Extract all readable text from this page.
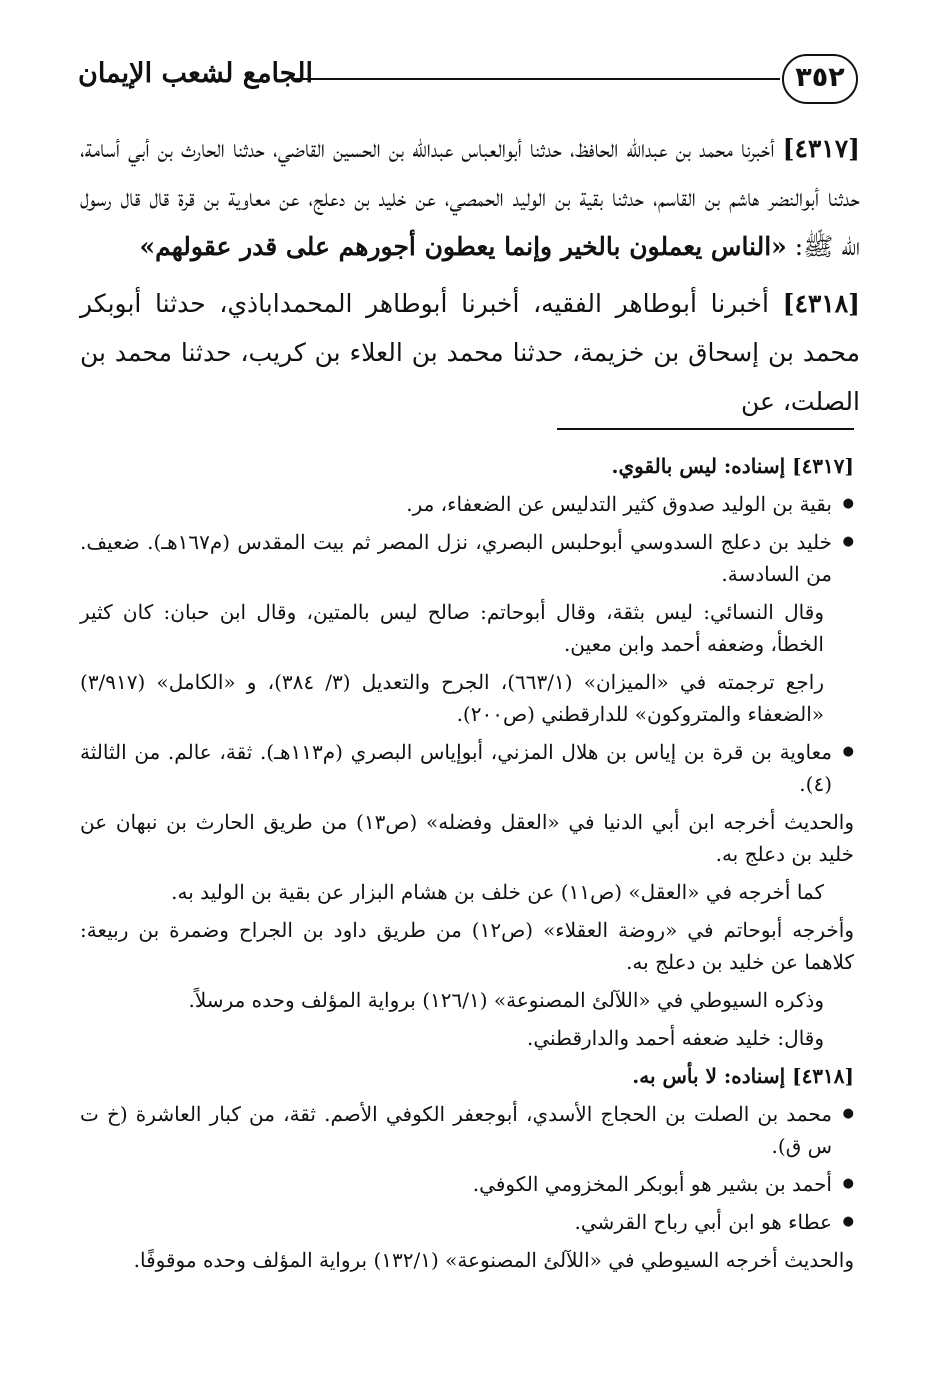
٣٥٢
الجامع لشعب الإيمان

[٤٣١٧] أخبرنا محمد بن عبدالله الحافظ، حدثنا أبوالعباس عبدالله بن الحسين القاضي، حدثنا الحارث بن أبي أسامة، حدثنا أبوالنضر هاشم بن القاسم، حدثنا بقية بن الوليد الحمصي، عن خليد بن دعلج، عن معاوية بن قرة قال قال رسول الله ﷺ: «الناس يعملون بالخير وإنما يعطون أجورهم على قدر عقولهم»

[٤٣١٨] أخبرنا أبوطاهر الفقيه، أخبرنا أبوطاهر المحمداباذي، حدثنا أبوبكر محمد بن إسحاق بن خزيمة، حدثنا محمد بن العلاء بن كريب، حدثنا محمد بن الصلت، عن

[٤٣١٧] إسناده: ليس بالقوي.
● بقية بن الوليد صدوق كثير التدليس عن الضعفاء، مر.
● خليد بن دعلج السدوسي أبوحلبس البصري، نزل المصر ثم بيت المقدس (م١٦٧هـ). ضعيف. من السادسة.
وقال النسائي: ليس بثقة، وقال أبوحاتم: صالح ليس بالمتين، وقال ابن حبان: كان كثير الخطأ، وضعفه أحمد وابن معين.
راجع ترجمته في «الميزان» (٦٦٣/١)، الجرح والتعديل (٣/ ٣٨٤)، و «الكامل» (٣/٩١٧) «الضعفاء والمتروكون» للدارقطني (ص٢٠٠).
● معاوية بن قرة بن إياس بن هلال المزني، أبوإياس البصري (م١١٣هـ). ثقة، عالم. من الثالثة (٤).
والحديث أخرجه ابن أبي الدنيا في «العقل وفضله» (ص١٣) من طريق الحارث بن نبهان عن خليد بن دعلج به.
كما أخرجه في «العقل» (ص١١) عن خلف بن هشام البزار عن بقية بن الوليد به.
وأخرجه أبوحاتم في «روضة العقلاء» (ص١٢) من طريق داود بن الجراح وضمرة بن ربيعة: كلاهما عن خليد بن دعلج به.
وذكره السيوطي في «اللآلئ المصنوعة» (١٢٦/١) برواية المؤلف وحده مرسلاً.
وقال: خليد ضعفه أحمد والدارقطني.
[٤٣١٨] إسناده: لا بأس به.
● محمد بن الصلت بن الحجاج الأسدي، أبوجعفر الكوفي الأصم. ثقة، من كبار العاشرة (خ ت س ق).
● أحمد بن بشير هو أبوبكر المخزومي الكوفي.
● عطاء هو ابن أبي رباح القرشي.
والحديث أخرجه السيوطي في «اللآلئ المصنوعة» (١٣٢/١) برواية المؤلف وحده موقوفًا.
